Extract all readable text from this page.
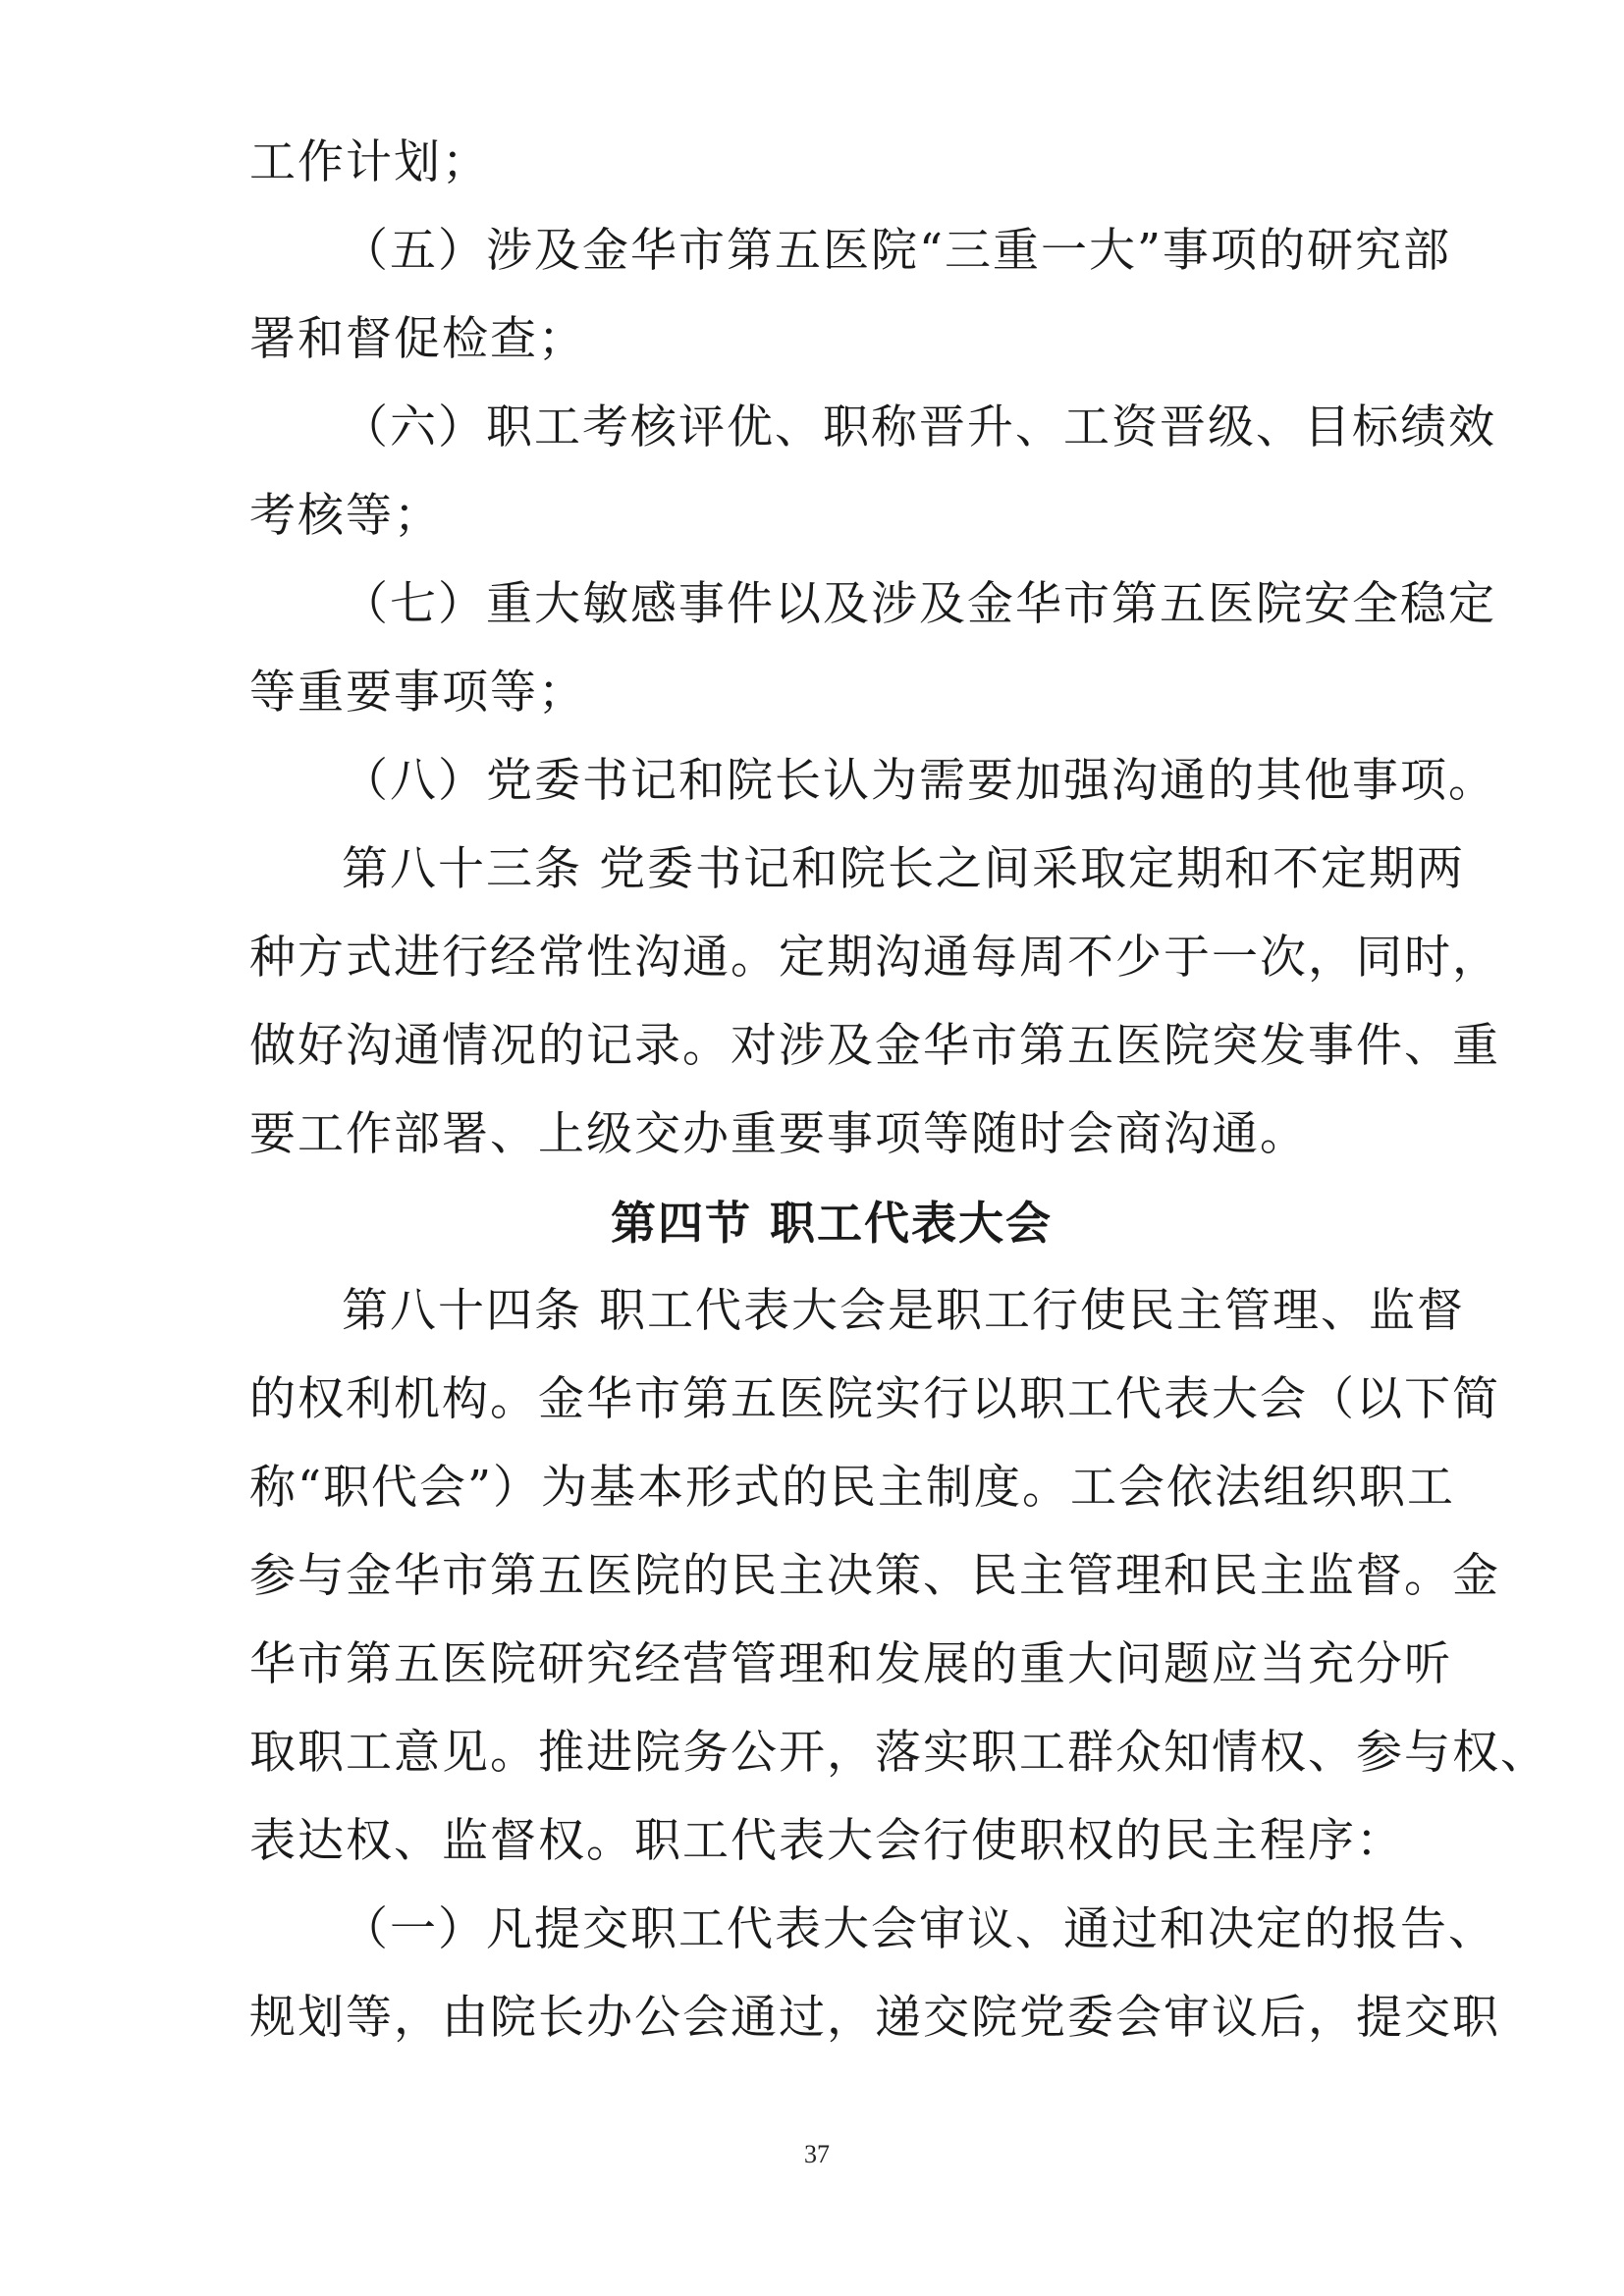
工作计划；
（五）涉及金华市第五医院“三重一大”事项的研究部
署和督促检查；
（六）职工考核评优、职称晋升、工资晋级、目标绩效
考核等；
（七）重大敏感事件以及涉及金华市第五医院安全稳定
等重要事项等；
（八）党委书记和院长认为需要加强沟通的其他事项。
第八十三条 党委书记和院长之间采取定期和不定期两
种方式进行经常性沟通。定期沟通每周不少于一次，同时，
做好沟通情况的记录。对涉及金华市第五医院突发事件、重
要工作部署、上级交办重要事项等随时会商沟通。
第四节 职工代表大会
第八十四条 职工代表大会是职工行使民主管理、监督
的权利机构。金华市第五医院实行以职工代表大会（以下简
称“职代会”）为基本形式的民主制度。工会依法组织职工
参与金华市第五医院的民主决策、民主管理和民主监督。金
华市第五医院研究经营管理和发展的重大问题应当充分听
取职工意见。推进院务公开，落实职工群众知情权、参与权、
表达权、监督权。职工代表大会行使职权的民主程序：
（一）凡提交职工代表大会审议、通过和决定的报告、
规划等，由院长办公会通过，递交院党委会审议后，提交职
37
